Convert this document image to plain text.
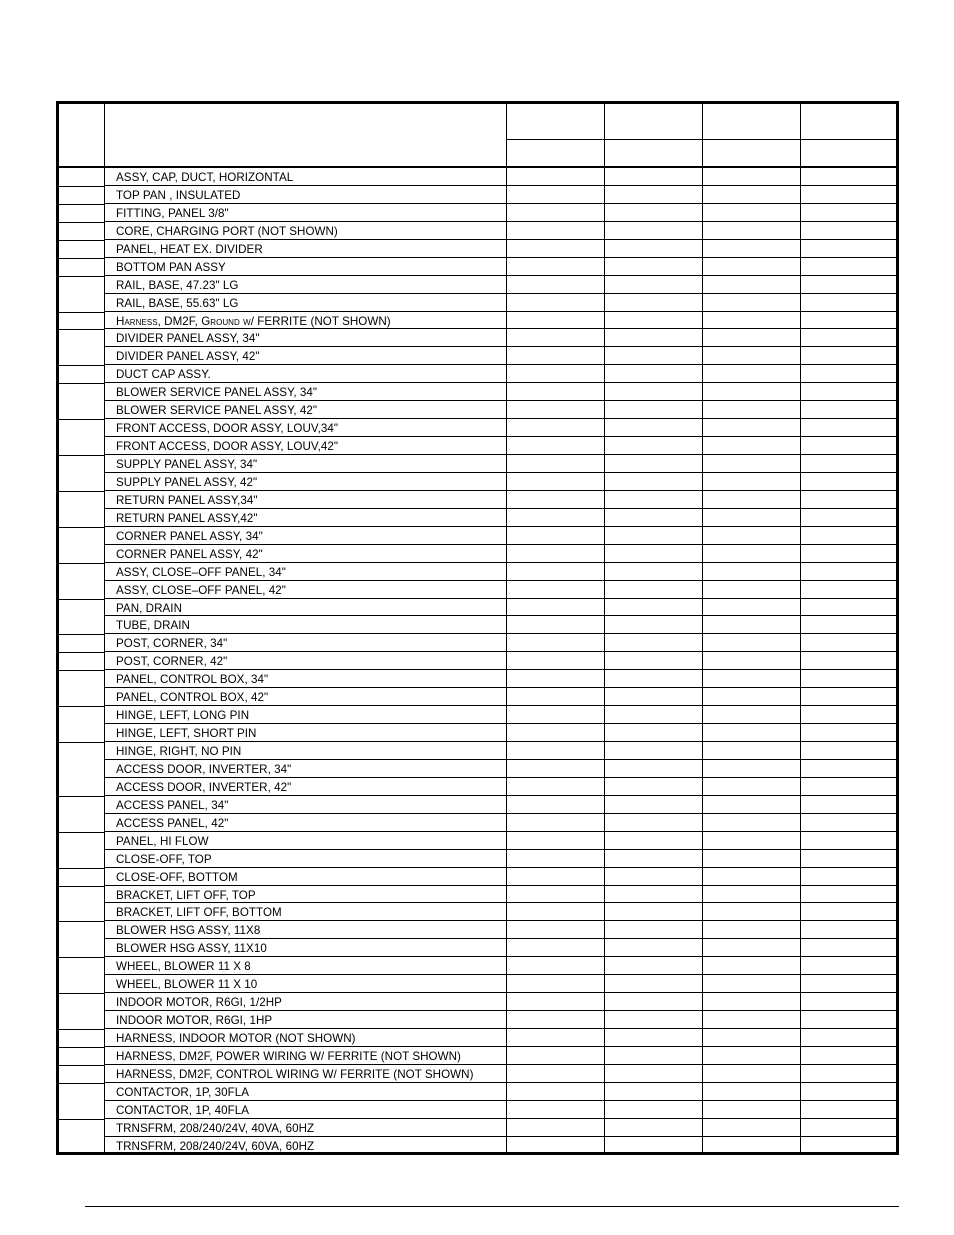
ASSY, CAP, DUCT, HORIZONTAL
TOP PAN , INSULATED
FITTING, PANEL 3/8"
CORE, CHARGING PORT (NOT SHOWN)
PANEL, HEAT EX. DIVIDER
BOTTOM PAN ASSY
RAIL, BASE, 47.23" LG
RAIL, BASE, 55.63" LG
Harness, DM2F, Ground w/ FERRITE (NOT SHOWN)
DIVIDER PANEL ASSY, 34"
DIVIDER PANEL ASSY, 42"
DUCT CAP ASSY.
BLOWER SERVICE PANEL ASSY, 34"
BLOWER SERVICE PANEL ASSY, 42"
FRONT ACCESS, DOOR ASSY, LOUV,34"
FRONT ACCESS, DOOR ASSY, LOUV,42"
SUPPLY PANEL ASSY, 34"
SUPPLY PANEL ASSY, 42"
RETURN PANEL ASSY,34"
RETURN PANEL ASSY,42"
CORNER PANEL ASSY, 34"
CORNER PANEL ASSY, 42"
ASSY, CLOSE–OFF PANEL, 34"
ASSY, CLOSE–OFF PANEL, 42"
PAN, DRAIN
TUBE, DRAIN
POST, CORNER, 34"
POST, CORNER, 42"
PANEL, CONTROL BOX, 34"
PANEL, CONTROL BOX, 42"
HINGE, LEFT, LONG PIN
HINGE, LEFT, SHORT PIN
HINGE, RIGHT, NO PIN
ACCESS DOOR, INVERTER, 34"
ACCESS DOOR, INVERTER, 42"
ACCESS PANEL, 34"
ACCESS PANEL, 42"
PANEL, HI FLOW
CLOSE-OFF, TOP
CLOSE-OFF, BOTTOM
BRACKET, LIFT OFF, TOP
BRACKET, LIFT OFF, BOTTOM
BLOWER HSG ASSY, 11X8
BLOWER HSG ASSY, 11X10
WHEEL, BLOWER 11 X 8
WHEEL, BLOWER 11 X 10
INDOOR MOTOR, R6GI, 1/2HP
INDOOR MOTOR, R6GI, 1HP
HARNESS, INDOOR MOTOR (NOT SHOWN)
HARNESS, DM2F, POWER WIRING W/ FERRITE (NOT SHOWN)
HARNESS, DM2F, CONTROL WIRING W/ FERRITE (NOT SHOWN)
CONTACTOR, 1P, 30FLA
CONTACTOR, 1P, 40FLA
TRNSFRM, 208/240/24V, 40VA, 60HZ
TRNSFRM, 208/240/24V, 60VA, 60HZ
